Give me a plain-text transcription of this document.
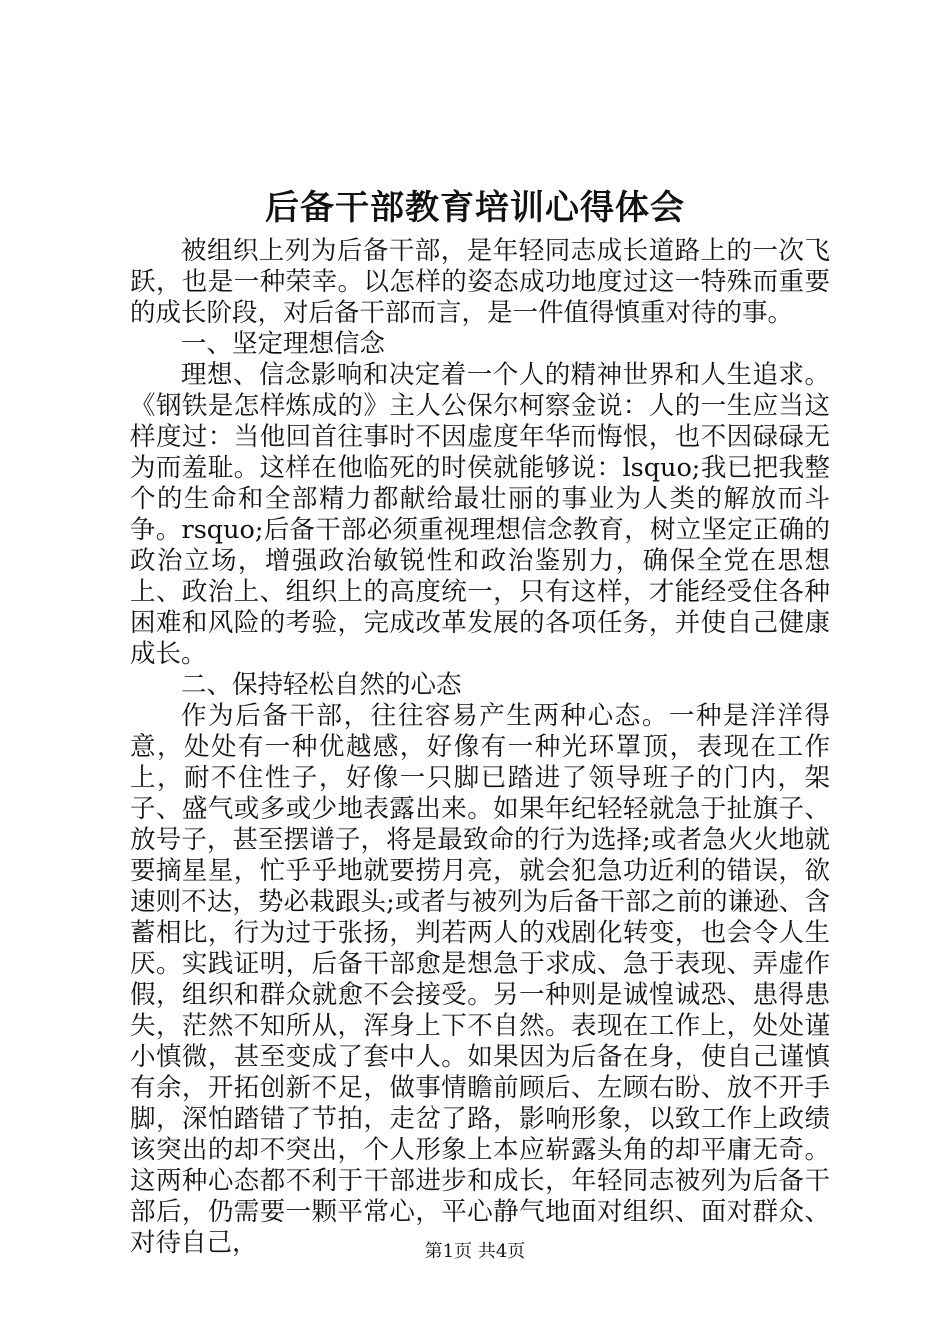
后备干部教育培训心得体会

被组织上列为后备干部，是年轻同志成长道路上的一次飞跃，也是一种荣幸。以怎样的姿态成功地度过这一特殊而重要的成长阶段，对后备干部而言，是一件值得慎重对待的事。

一、坚定理想信念

理想、信念影响和决定着一个人的精神世界和人生追求。《钢铁是怎样炼成的》主人公保尔柯察金说：人的一生应当这样度过：当他回首往事时不因虚度年华而悔恨，也不因碌碌无为而羞耻。这样在他临死的时侯就能够说：lsquo;我已把我整个的生命和全部精力都献给最壮丽的事业为人类的解放而斗争。rsquo;后备干部必须重视理想信念教育，树立坚定正确的政治立场，增强政治敏锐性和政治鉴别力，确保全党在思想上、政治上、组织上的高度统一，只有这样，才能经受住各种困难和风险的考验，完成改革发展的各项任务，并使自己健康成长。

二、保持轻松自然的心态

作为后备干部，往往容易产生两种心态。一种是洋洋得意，处处有一种优越感，好像有一种光环罩顶，表现在工作上，耐不住性子，好像一只脚已踏进了领导班子的门内，架子、盛气或多或少地表露出来。如果年纪轻轻就急于扯旗子、放号子，甚至摆谱子，将是最致命的行为选择;或者急火火地就要摘星星，忙乎乎地就要捞月亮，就会犯急功近利的错误，欲速则不达，势必栽跟头;或者与被列为后备干部之前的谦逊、含蓄相比，行为过于张扬，判若两人的戏剧化转变，也会令人生厌。实践证明，后备干部愈是想急于求成、急于表现、弄虚作假，组织和群众就愈不会接受。另一种则是诚惶诚恐、患得患失，茫然不知所从，浑身上下不自然。表现在工作上，处处谨小慎微，甚至变成了套中人。如果因为后备在身，使自己谨慎有余，开拓创新不足，做事情瞻前顾后、左顾右盼、放不开手脚，深怕踏错了节拍，走岔了路，影响形象，以致工作上政绩该突出的却不突出，个人形象上本应崭露头角的却平庸无奇。这两种心态都不利于干部进步和成长，年轻同志被列为后备干部后，仍需要一颗平常心，平心静气地面对组织、面对群众、对待自己，	第1页 共4页
